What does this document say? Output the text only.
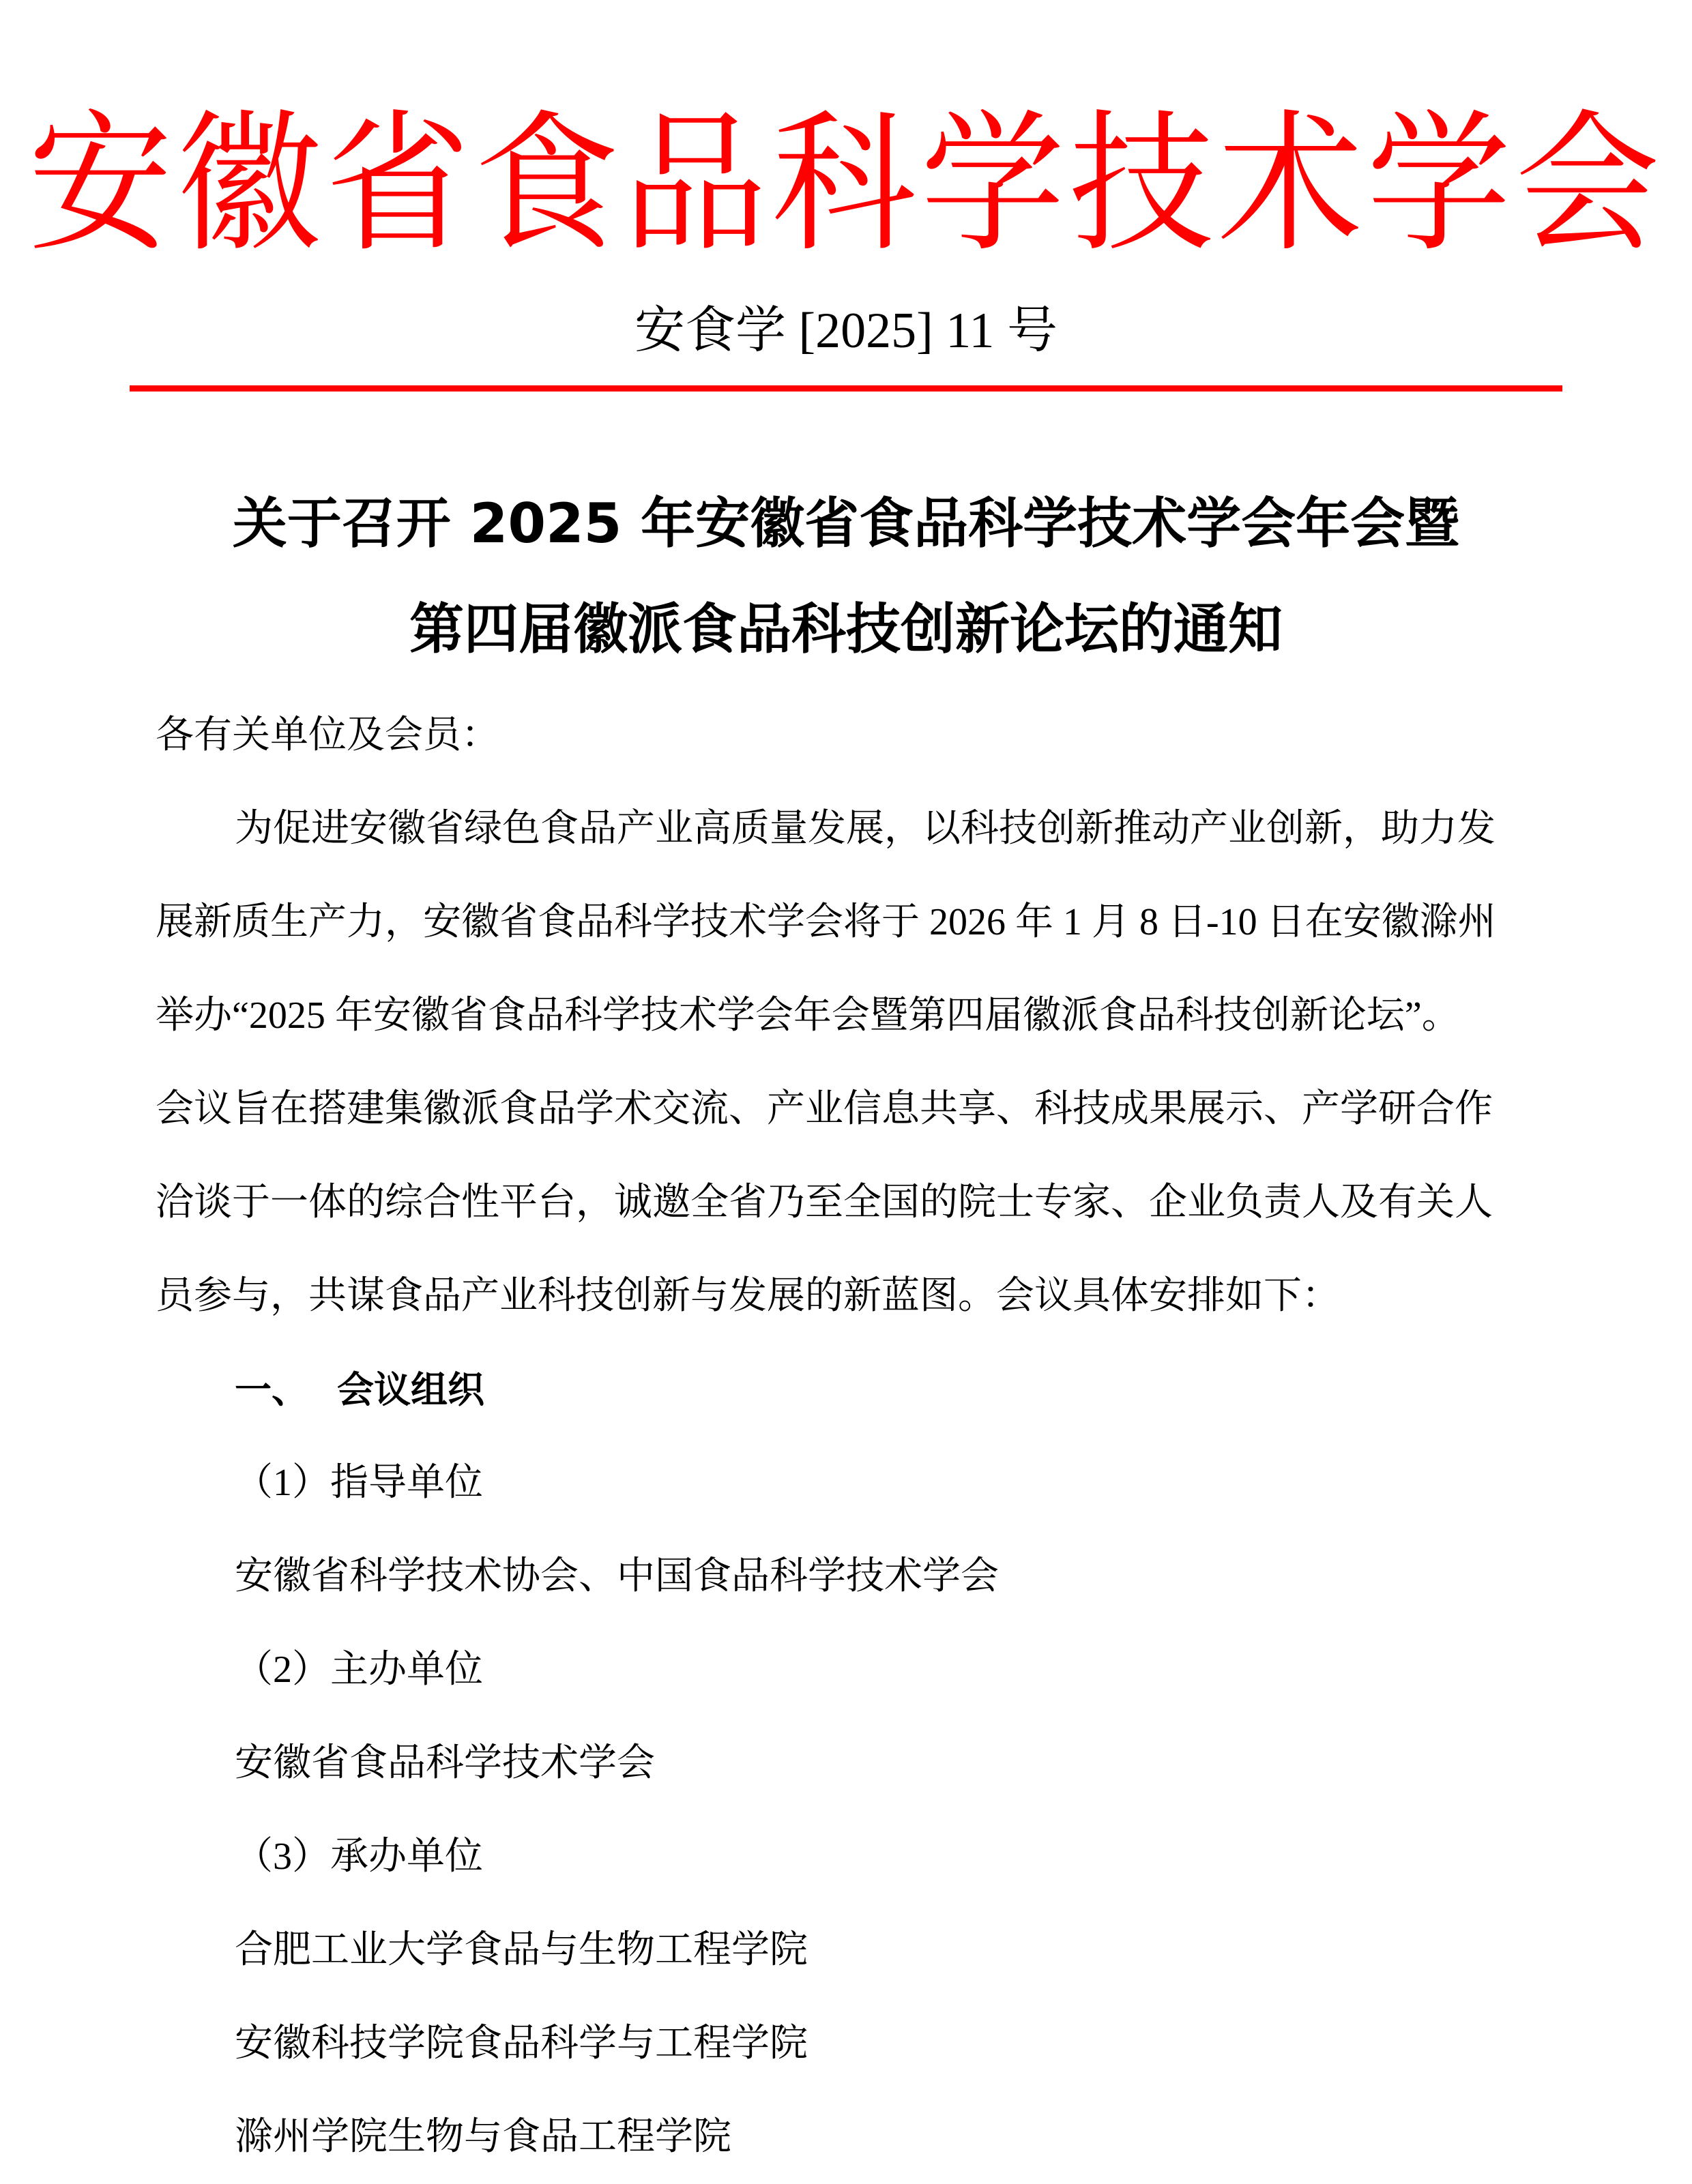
安徽省食品科学技术学会
安食学 [2025] 11 号
关于召开 2025 年安徽省食品科学技术学会年会暨
第四届徽派食品科技创新论坛的通知
各有关单位及会员：
为促进安徽省绿色食品产业高质量发展，以科技创新推动产业创新，助力发
展新质生产力，安徽省食品科学技术学会将于 2026 年 1 月 8 日-10 日在安徽滁州
举办“2025 年安徽省食品科学技术学会年会暨第四届徽派食品科技创新论坛”。
会议旨在搭建集徽派食品学术交流、产业信息共享、科技成果展示、产学研合作
洽谈于一体的综合性平台，诚邀全省乃至全国的院士专家、企业负责人及有关人
员参与，共谋食品产业科技创新与发展的新蓝图。会议具体安排如下：
一、 会议组织
（1）指导单位
安徽省科学技术协会、中国食品科学技术学会
（2）主办单位
安徽省食品科学技术学会
（3）承办单位
合肥工业大学食品与生物工程学院
安徽科技学院食品科学与工程学院
滁州学院生物与食品工程学院
